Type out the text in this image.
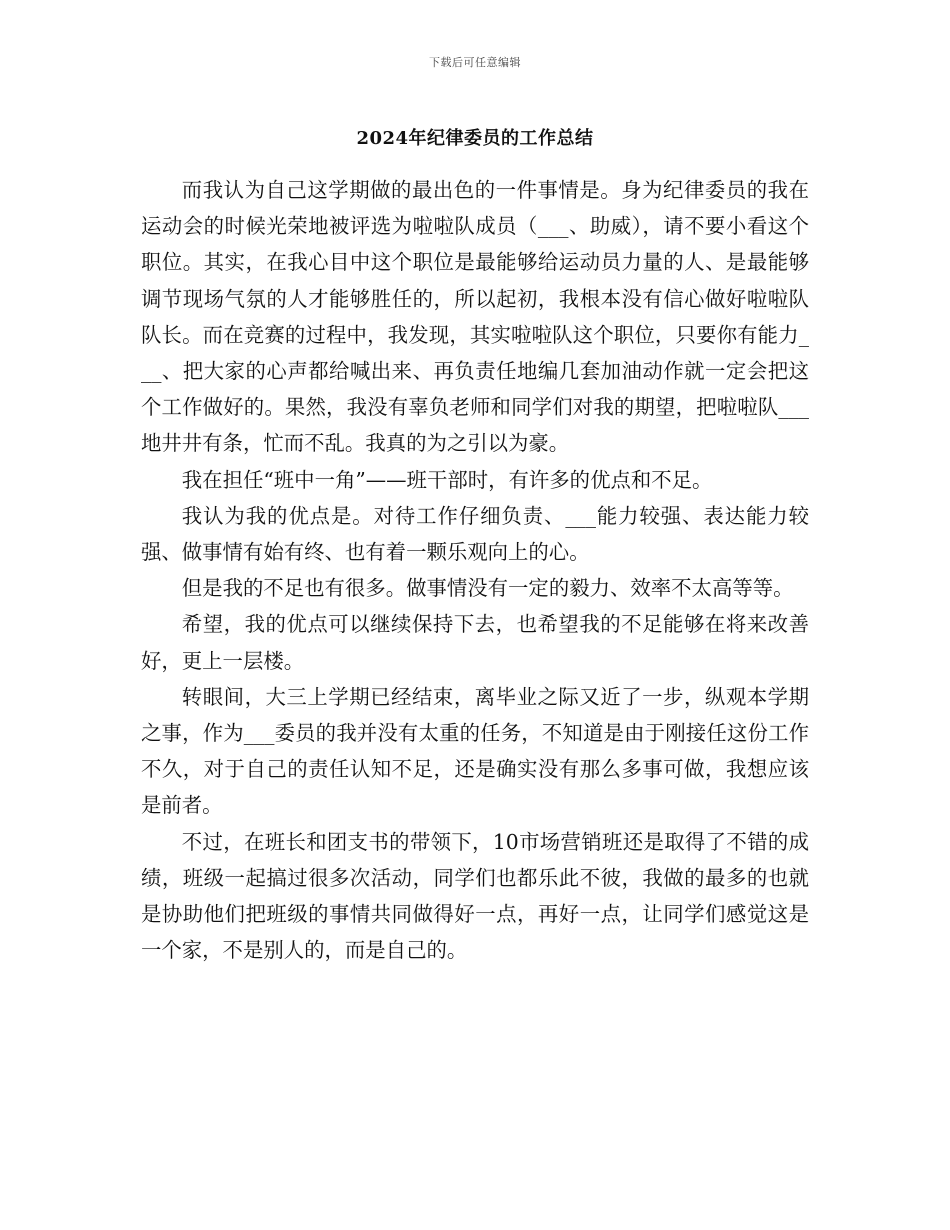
下载后可任意编辑
2024年纪律委员的工作总结

而我认为自己这学期做的最出色的一件事情是。身为纪律委员的我在运动会的时候光荣地被评选为啦啦队成员（___、助威），请不要小看这个职位。其实，在我心目中这个职位是最能够给运动员力量的人、是最能够调节现场气氛的人才能够胜任的，所以起初，我根本没有信心做好啦啦队队长。而在竞赛的过程中，我发现，其实啦啦队这个职位，只要你有能力___、把大家的心声都给喊出来、再负责任地编几套加油动作就一定会把这个工作做好的。果然，我没有辜负老师和同学们对我的期望，把啦啦队___地井井有条，忙而不乱。我真的为之引以为豪。

我在担任“班中一角”——班干部时，有许多的优点和不足。

我认为我的优点是。对待工作仔细负责、___能力较强、表达能力较强、做事情有始有终、也有着一颗乐观向上的心。

但是我的不足也有很多。做事情没有一定的毅力、效率不太高等等。

希望，我的优点可以继续保持下去，也希望我的不足能够在将来改善好，更上一层楼。

转眼间，大三上学期已经结束，离毕业之际又近了一步，纵观本学期之事，作为___委员的我并没有太重的任务，不知道是由于刚接任这份工作不久，对于自己的责任认知不足，还是确实没有那么多事可做，我想应该是前者。

不过，在班长和团支书的带领下，10市场营销班还是取得了不错的成绩，班级一起搞过很多次活动，同学们也都乐此不彼，我做的最多的也就是协助他们把班级的事情共同做得好一点，再好一点，让同学们感觉这是一个家，不是别人的，而是自己的。
